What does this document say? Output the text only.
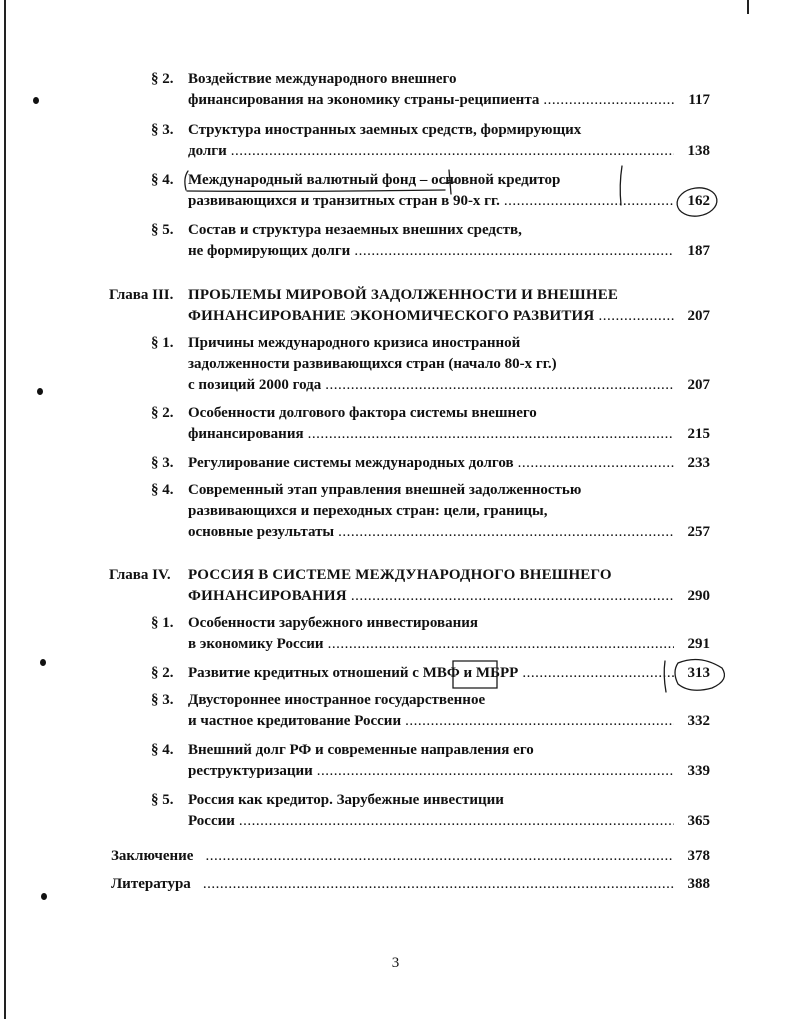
§ 2. Воздействие международного внешнего
финансирования на экономику страны-реципиента .....	117
§ 3. Структура иностранных заемных средств, формирующих
долги .....	138
§ 4. Международный валютный фонд – основной кредитор
развивающихся и транзитных стран в 90-х гг. .....	162
§ 5. Состав и структура незаемных внешних средств,
не формирующих долги .....	187
Глава III. ПРОБЛЕМЫ МИРОВОЙ ЗАДОЛЖЕННОСТИ И ВНЕШНЕЕ
ФИНАНСИРОВАНИЕ ЭКОНОМИЧЕСКОГО РАЗВИТИЯ .....	207
§ 1. Причины международного кризиса иностранной
задолженности развивающихся стран (начало 80-х гг.)
с позиций 2000 года .....	207
§ 2. Особенности долгового фактора системы внешнего
финансирования .....	215
§ 3. Регулирование системы международных долгов .....	233
§ 4. Современный этап управления внешней задолженностью
развивающихся и переходных стран: цели, границы,
основные результаты .....	257
Глава IV. РОССИЯ В СИСТЕМЕ МЕЖДУНАРОДНОГО ВНЕШНЕГО
ФИНАНСИРОВАНИЯ .....	290
§ 1. Особенности зарубежного инвестирования
в экономику России .....	291
§ 2. Развитие кредитных отношений с МВФ и МБРР .....	313
§ 3. Двустороннее иностранное государственное
и частное кредитование России .....	332
§ 4. Внешний долг РФ и современные направления его
реструктуризации .....	339
§ 5. Россия как кредитор. Зарубежные инвестиции
России .....	365
Заключение .....	378
Литература .....	388
3
